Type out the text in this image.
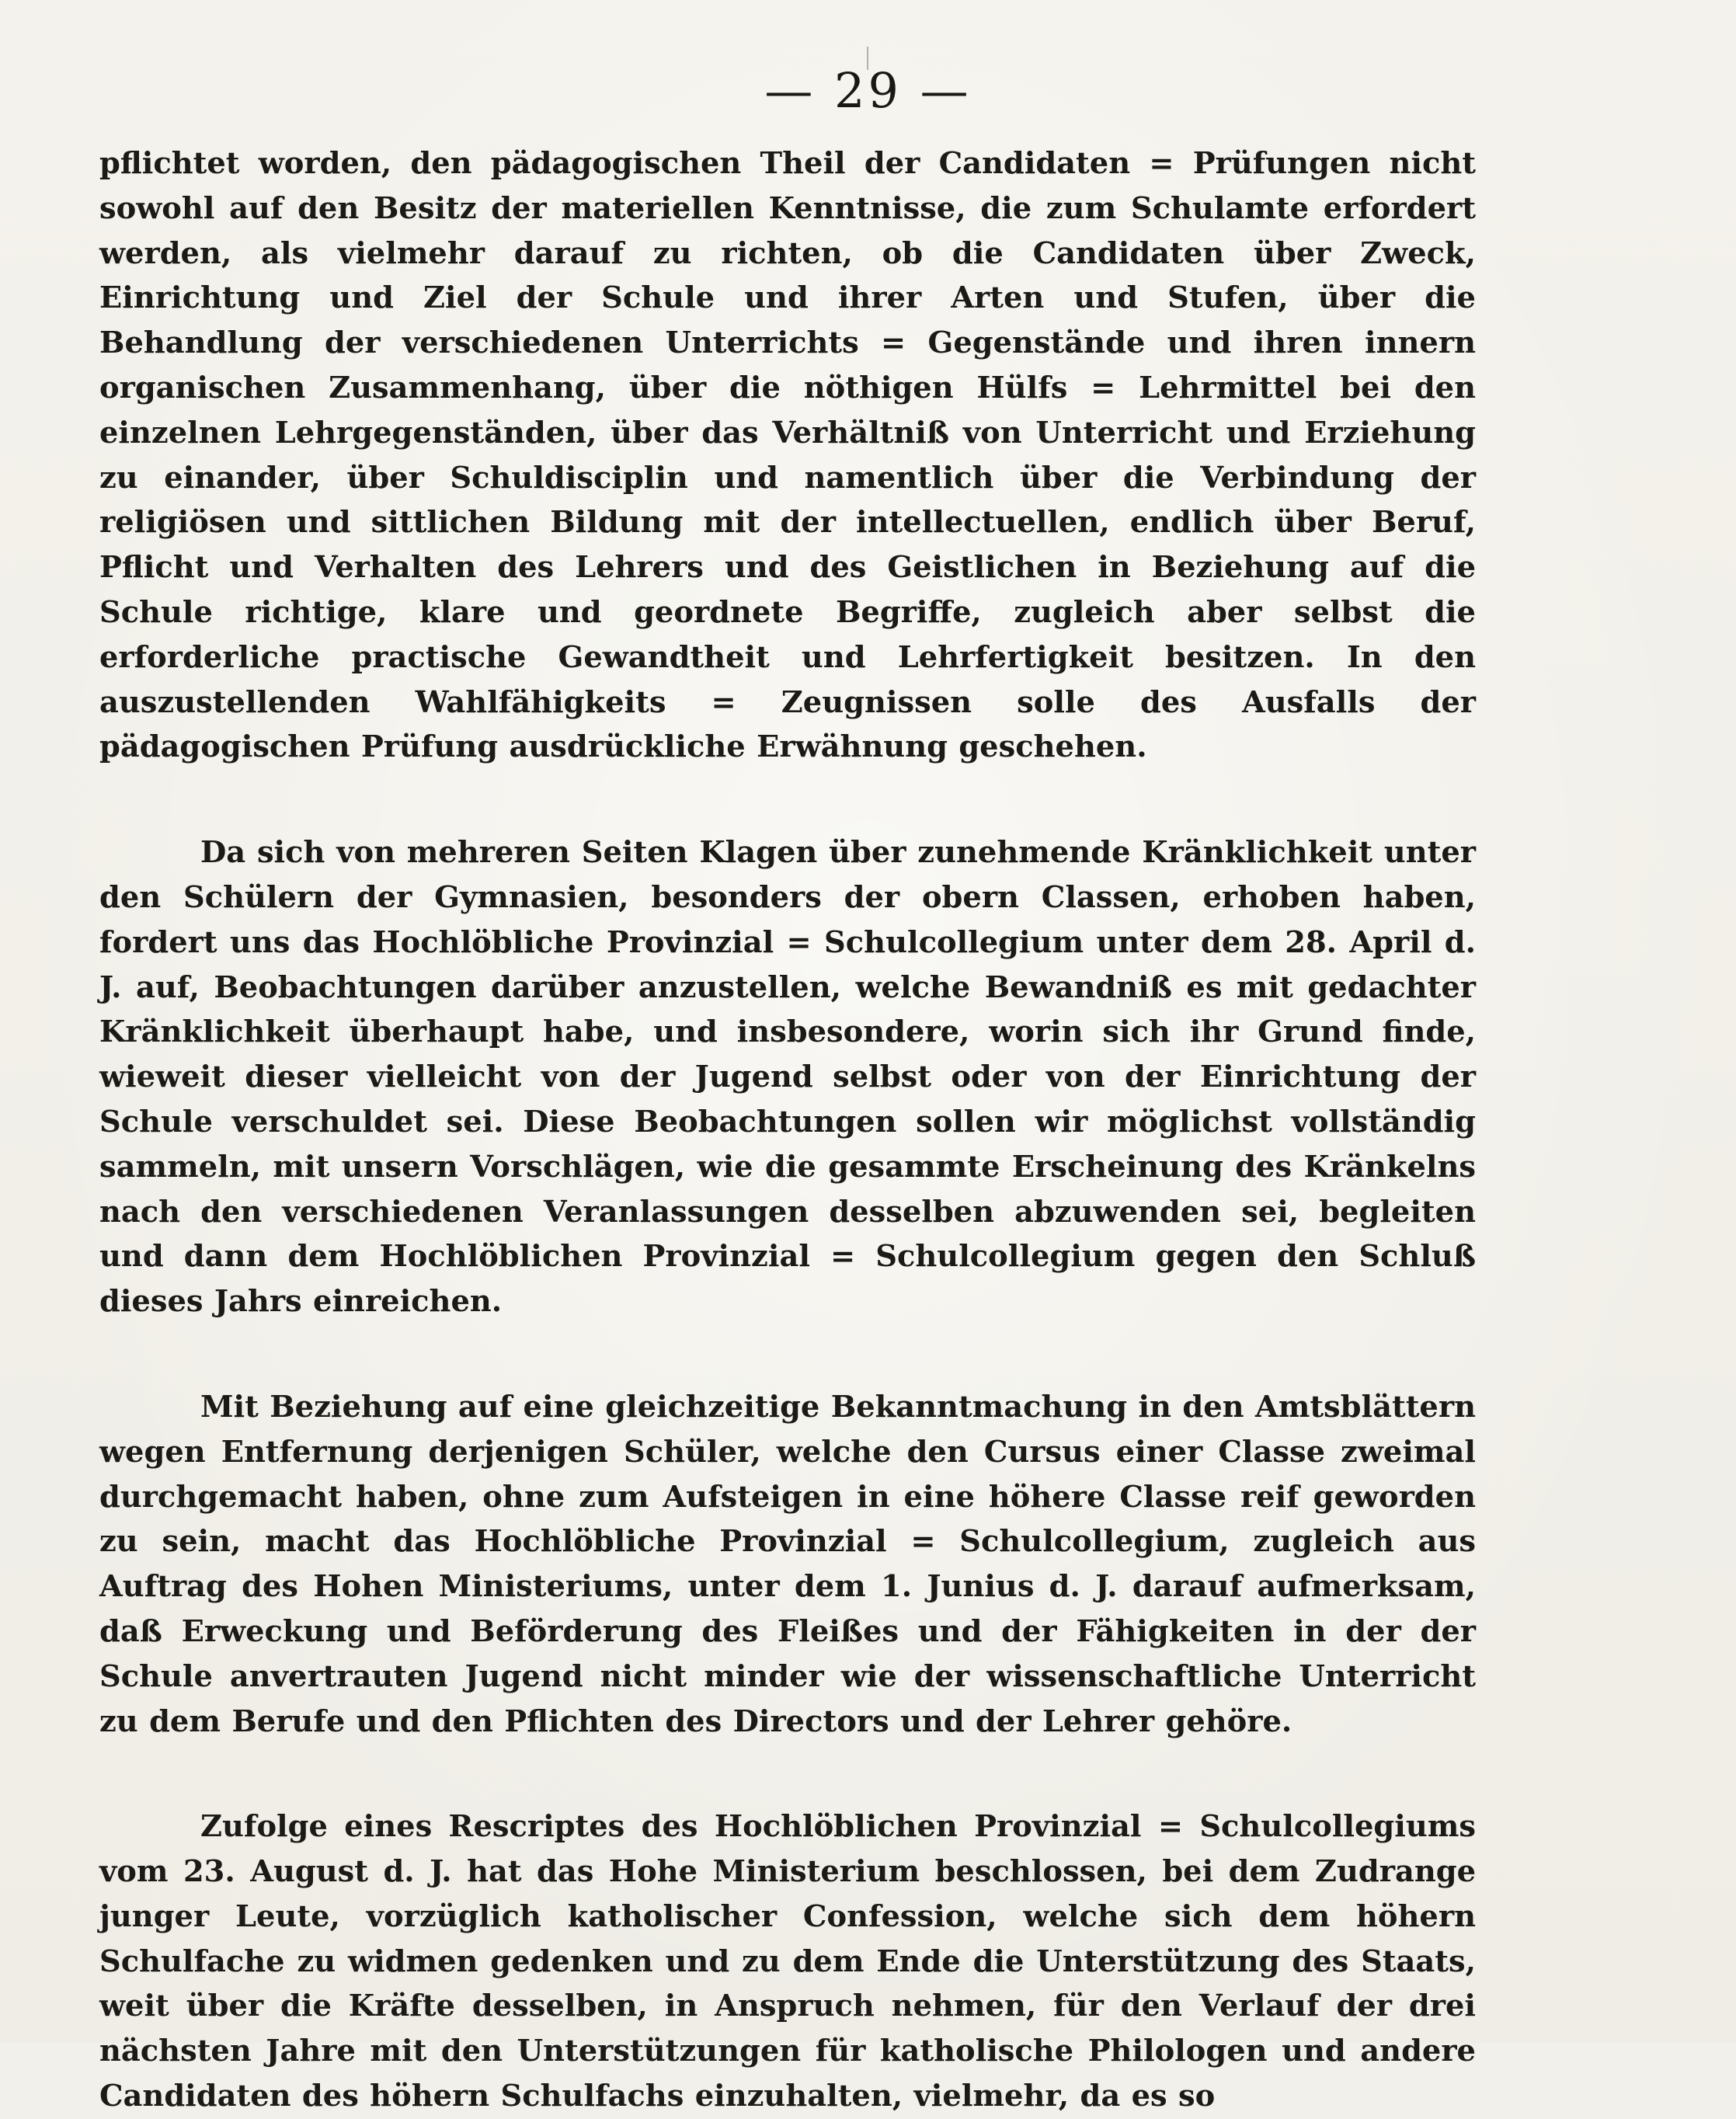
— 29 —

pflichtet worden, den pädagogischen Theil der Candidaten = Prüfungen nicht sowohl auf den Besitz der materiellen Kenntnisse, die zum Schulamte erfordert werden, als vielmehr darauf zu richten, ob die Candidaten über Zweck, Einrichtung und Ziel der Schule und ihrer Arten und Stufen, über die Behandlung der verschiedenen Unterrichts = Gegenstände und ihren innern organischen Zusammenhang, über die nöthigen Hülfs = Lehrmittel bei den einzelnen Lehrgegenständen, über das Verhältniß von Unterricht und Erziehung zu einander, über Schuldisciplin und namentlich über die Verbindung der religiösen und sittlichen Bildung mit der intellectuellen, endlich über Beruf, Pflicht und Verhalten des Lehrers und des Geistlichen in Beziehung auf die Schule richtige, klare und geordnete Begriffe, zugleich aber selbst die erforderliche practische Gewandtheit und Lehrfertigkeit besitzen. In den auszustellenden Wahlfähigkeits = Zeugnissen solle des Ausfalls der pädagogischen Prüfung ausdrückliche Erwähnung geschehen.

Da sich von mehreren Seiten Klagen über zunehmende Kränklichkeit unter den Schülern der Gymnasien, besonders der obern Classen, erhoben haben, fordert uns das Hochlöbliche Provinzial = Schulcollegium unter dem 28. April d. J. auf, Beobachtungen darüber anzustellen, welche Bewandniß es mit gedachter Kränklichkeit überhaupt habe, und insbesondere, worin sich ihr Grund finde, wieweit dieser vielleicht von der Jugend selbst oder von der Einrichtung der Schule verschuldet sei. Diese Beobachtungen sollen wir möglichst vollständig sammeln, mit unsern Vorschlägen, wie die gesammte Erscheinung des Kränkelns nach den verschiedenen Veranlassungen desselben abzuwenden sei, begleiten und dann dem Hochlöblichen Provinzial = Schulcollegium gegen den Schluß dieses Jahrs einreichen.

Mit Beziehung auf eine gleichzeitige Bekanntmachung in den Amtsblättern wegen Entfernung derjenigen Schüler, welche den Cursus einer Classe zweimal durchgemacht haben, ohne zum Aufsteigen in eine höhere Classe reif geworden zu sein, macht das Hochlöbliche Provinzial = Schulcollegium, zugleich aus Auftrag des Hohen Ministeriums, unter dem 1. Junius d. J. darauf aufmerksam, daß Erweckung und Beförderung des Fleißes und der Fähigkeiten in der der Schule anvertrauten Jugend nicht minder wie der wissenschaftliche Unterricht zu dem Berufe und den Pflichten des Directors und der Lehrer gehöre.

Zufolge eines Rescriptes des Hochlöblichen Provinzial = Schulcollegiums vom 23. August d. J. hat das Hohe Ministerium beschlossen, bei dem Zudrange junger Leute, vorzüglich katholischer Confession, welche sich dem höhern Schulfache zu widmen gedenken und zu dem Ende die Unterstützung des Staats, weit über die Kräfte desselben, in Anspruch nehmen, für den Verlauf der drei nächsten Jahre mit den Unterstützungen für katholische Philologen und andere Candidaten des höhern Schulfachs einzuhalten, vielmehr, da es so
